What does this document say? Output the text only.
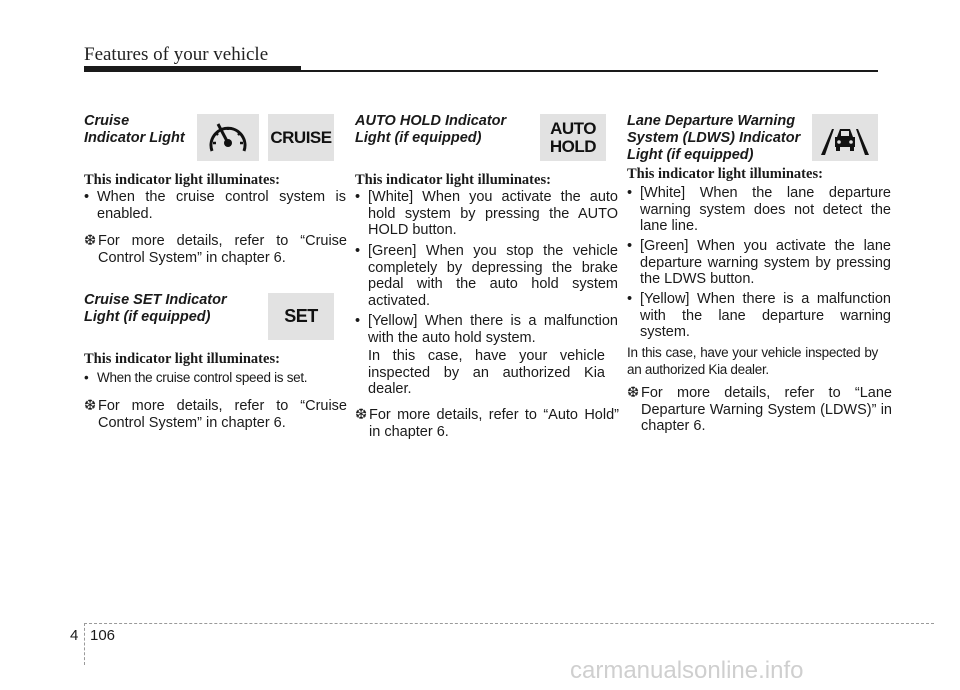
Features of your vehicle
Cruise
Indicator Light	CRUISE
This indicator light illuminates:
• When the cruise control system is enabled.
❆ For more details, refer to “Cruise Control System” in chapter 6.
Cruise SET Indicator
Light (if equipped)	SET
This indicator light illuminates:
• When the cruise control speed is set.
❆ For more details, refer to “Cruise Control System” in chapter 6.
AUTO HOLD Indicator
Light (if equipped)
AUTO
HOLD
This indicator light illuminates:
• [White] When you activate the auto hold system by pressing the AUTO HOLD button.
• [Green] When you stop the vehicle completely by depressing the brake pedal with the auto hold system activated.
• [Yellow] When there is a malfunction with the auto hold system.
In this case, have your vehicle inspected by an authorized Kia dealer.
❆ For more details, refer to “Auto Hold” in chapter 6.
Lane Departure Warning
System (LDWS) Indicator
Light (if equipped)
This indicator light illuminates:
• [White] When the lane departure warning system does not detect the lane line.
• [Green] When you activate the lane departure warning system by pressing the LDWS button.
• [Yellow] When there is a malfunction with the lane departure warning system.
In this case, have your vehicle inspected by an authorized Kia dealer.
❆ For more details, refer to “Lane Departure Warning System (LDWS)” in chapter 6.
4 106
carmanualsonline.info
